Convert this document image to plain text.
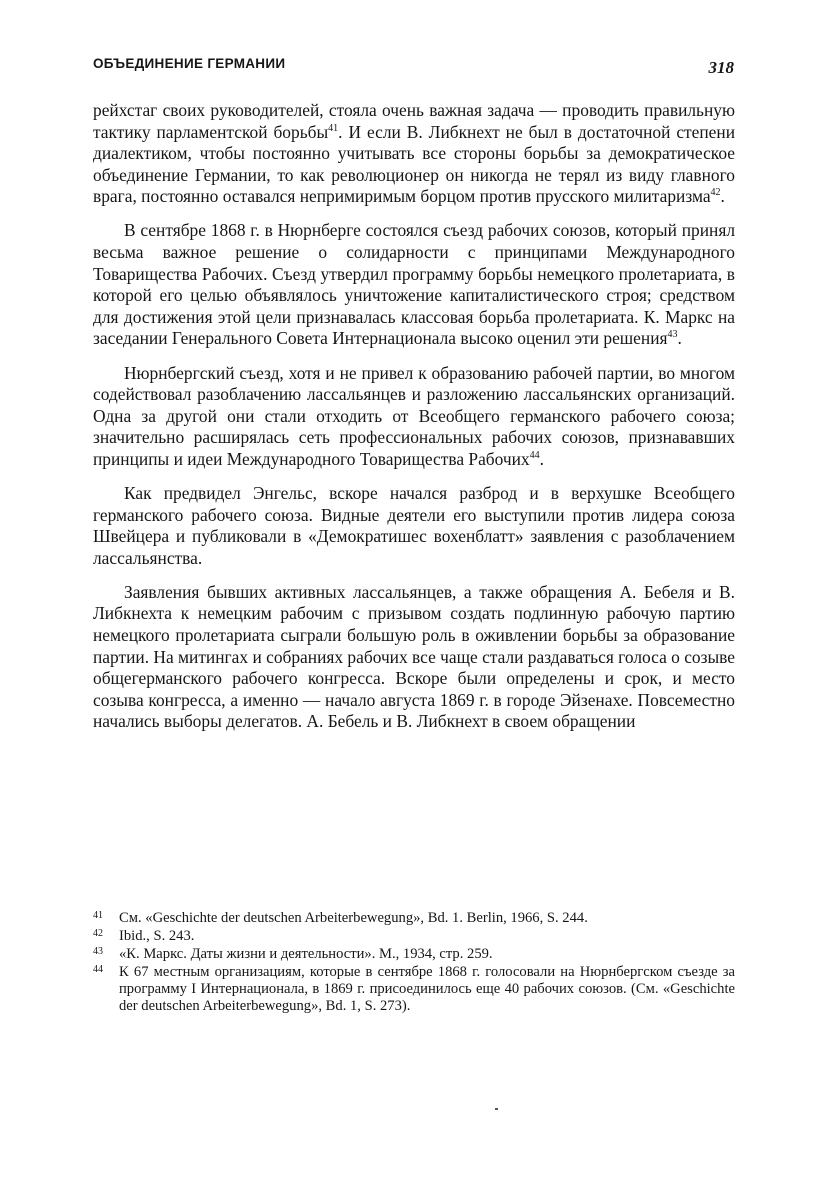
ОБЪЕДИНЕНИЕ ГЕРМАНИИ	318

рейхстаг своих руководителей, стояла очень важная задача — проводить правильную тактику парламентской борьбы$^{41}$. И если В. Либкнехт не был в достаточной степени диалектиком, чтобы постоянно учитывать все стороны борьбы за демократическое объединение Германии, то как революционер он никогда не терял из виду главного врага, постоянно оставался непримиримым борцом против прусского милитаризма$^{42}$.

В сентябре 1868 г. в Нюрнберге состоялся съезд рабочих союзов, который принял весьма важное решение о солидарности с принципами Международного Товарищества Рабочих. Съезд утвердил программу борьбы немецкого пролетариата, в которой его целью объявлялось уничтожение капиталистического строя; средством для достижения этой цели признавалась классовая борьба пролетариата. К. Маркс на заседании Генерального Совета Интернационала высоко оценил эти решения$^{43}$.

Нюрнбергский съезд, хотя и не привел к образованию рабочей партии, во многом содействовал разоблачению лассальянцев и разложению лассальянских организаций. Одна за другой они стали отходить от Всеобщего германского рабочего союза; значительно расширялась сеть профессиональных рабочих союзов, признававших принципы и идеи Международного Товарищества Рабочих$^{44}$.

Как предвидел Энгельс, вскоре начался разброд и в верхушке Всеобщего германского рабочего союза. Видные деятели его выступили против лидера союза Швейцера и публиковали в «Демократишес вохенблатт» заявления с разоблачением лассальянства.

Заявления бывших активных лассальянцев, а также обращения А. Бебеля и В. Либкнехта к немецким рабочим с призывом создать подлинную рабочую партию немецкого пролетариата сыграли большую роль в оживлении борьбы за образование партии. На митингах и собраниях рабочих все чаще стали раздаваться голоса о созыве общегерманского рабочего конгресса. Вскоре были определены и срок, и место созыва конгресса, а именно — начало августа 1869 г. в городе Эйзенахе. Повсеместно начались выборы делегатов. А. Бебель и В. Либкнехт в своем обращении

41 См. «Geschichte der deutschen Arbeiterbewegung», Bd. 1. Berlin, 1966, S. 244.
42 Ibid., S. 243.
43 «К. Маркс. Даты жизни и деятельности». М., 1934, стр. 259.
44 К 67 местным организациям, которые в сентябре 1868 г. голосовали на Нюрнбергском съезде за программу I Интернационала, в 1869 г. присоединилось еще 40 рабочих союзов. (См. «Geschichte der deutschen Arbeiterbewegung», Bd. 1, S. 273).
